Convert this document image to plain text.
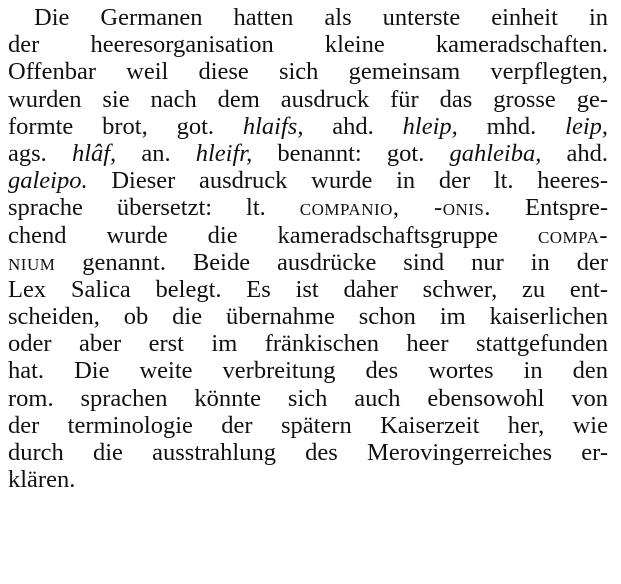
Die Germanen hatten als unterste einheit in
der heeresorganisation kleine kameradschaften.
Offenbar weil diese sich gemeinsam verpflegten,
wurden sie nach dem ausdruck für das grosse ge-
formte brot, got. hlaifs, ahd. hleip, mhd. leip,
ags. hlâf, an. hleifr, benannt: got. gahleiba, ahd.
galeipo. Dieser ausdruck wurde in der lt. heeres-
sprache übersetzt: lt. companio, -onis. Entspre-
chend wurde die kameradschaftsgruppe compa-
nium genannt. Beide ausdrücke sind nur in der
Lex Salica belegt. Es ist daher schwer, zu ent-
scheiden, ob die übernahme schon im kaiserlichen
oder aber erst im fränkischen heer stattgefunden
hat. Die weite verbreitung des wortes in den
rom. sprachen könnte sich auch ebensowohl von
der terminologie der spätern Kaiserzeit her, wie
durch die ausstrahlung des Merovingerreiches er-
klären.
